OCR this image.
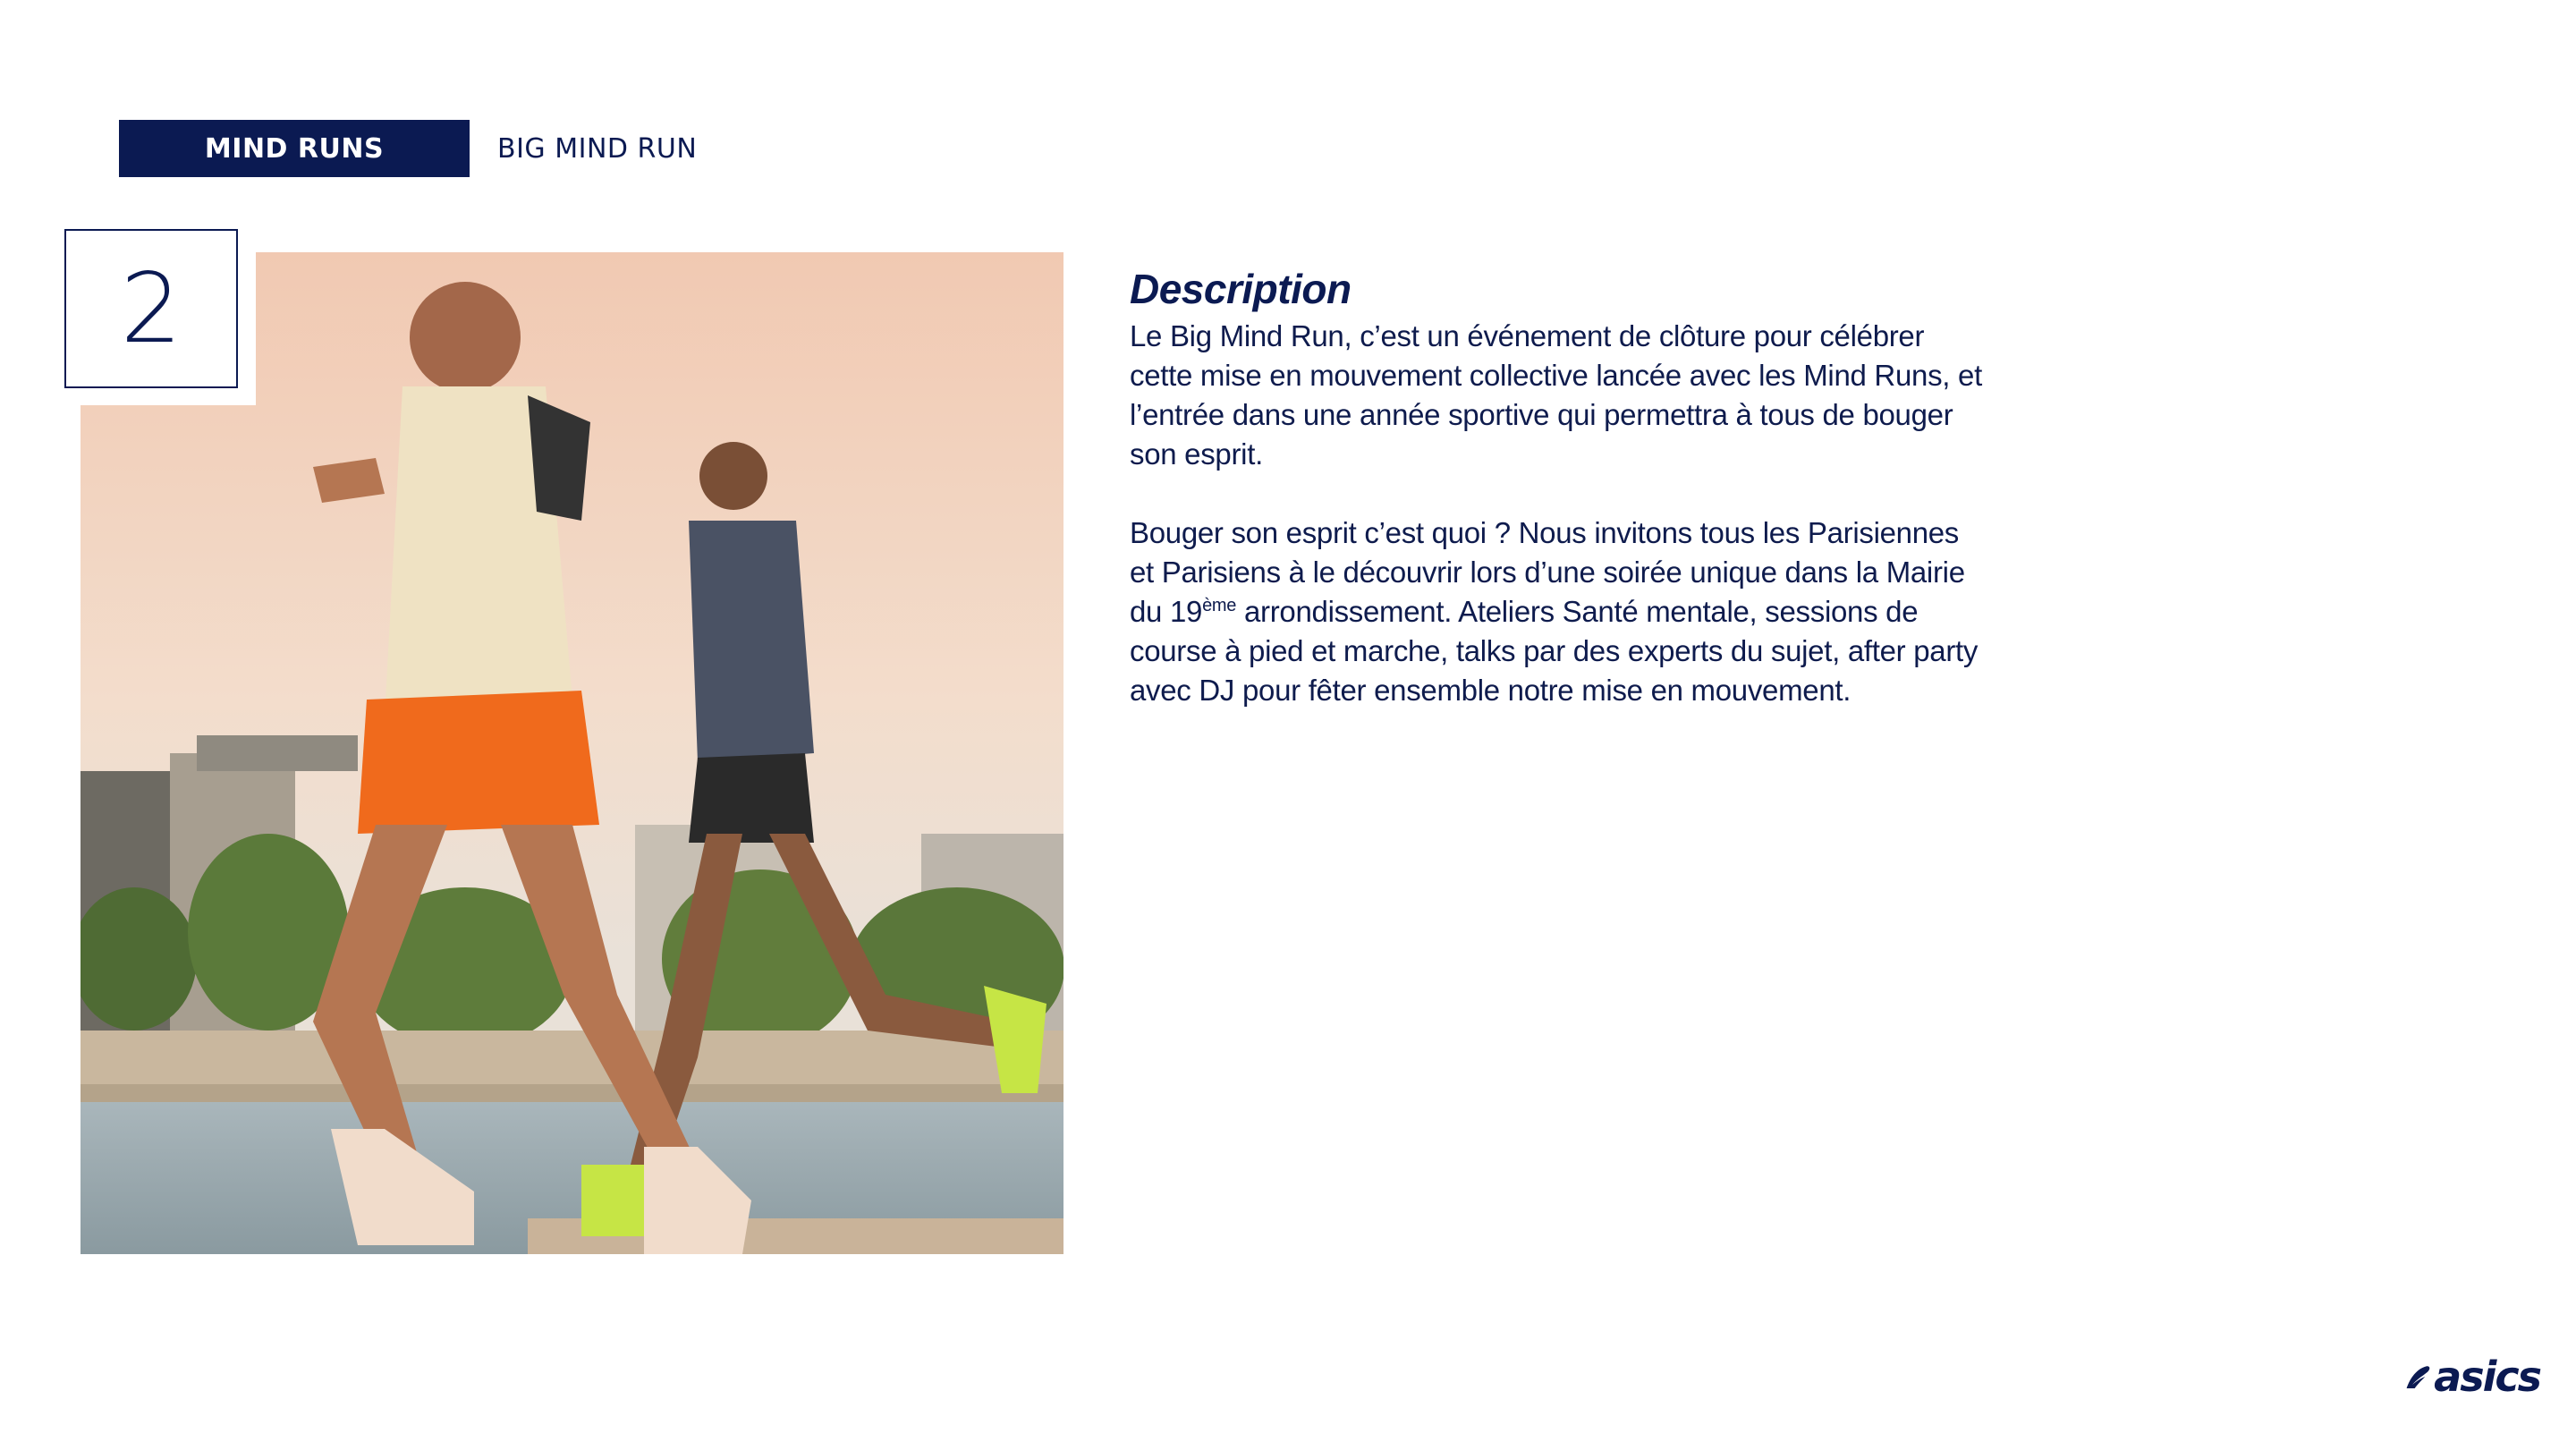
MIND RUNS	BIG MIND RUN
2	Description

Le Big Mind Run, c’est un événement de clôture pour célébrer cette mise en mouvement collective lancée avec les Mind Runs, et l’entrée dans une année sportive qui permettra à tous de bouger son esprit.

Bouger son esprit c’est quoi ? Nous invitons tous les Parisiennes et Parisiens à le découvrir lors d’une soirée unique dans la Mairie du 19ème arrondissement. Ateliers Santé mentale, sessions de course à pied et marche, talks par des experts du sujet, after party avec DJ pour fêter ensemble notre mise en mouvement.

asics
